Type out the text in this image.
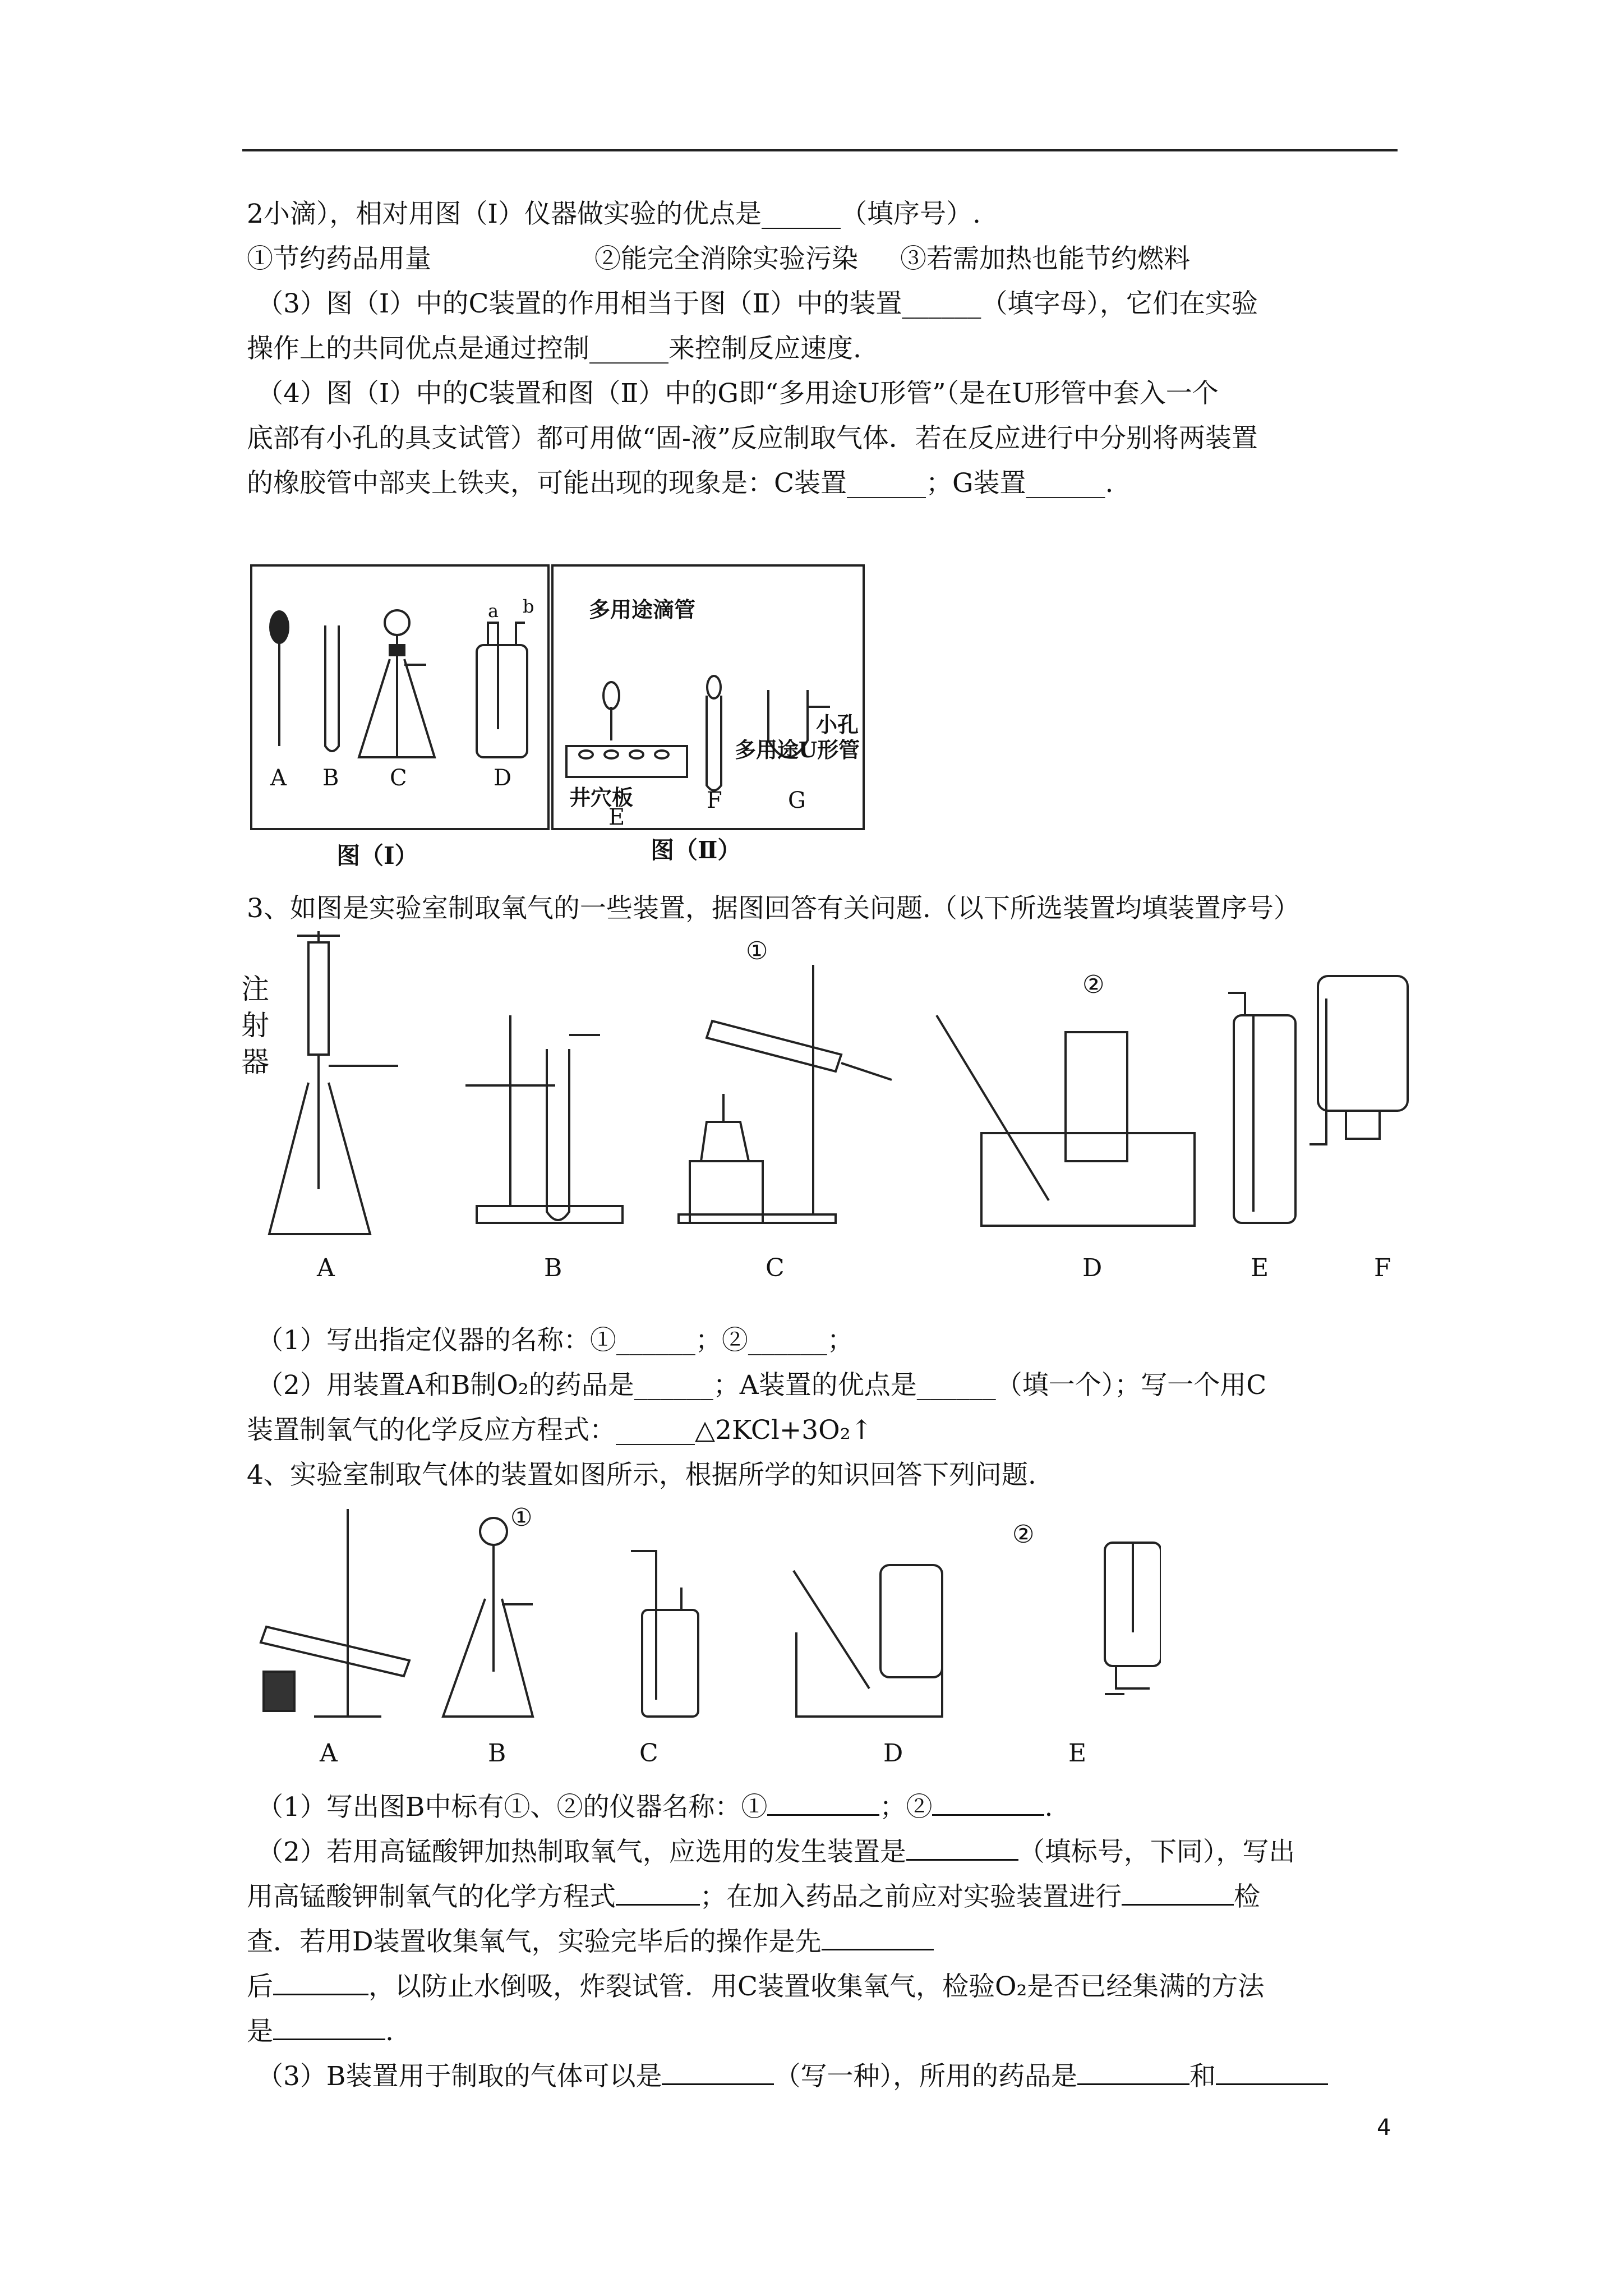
2小滴），相对用图（Ⅰ）仪器做实验的优点是______（填序号）.
①节约药品用量	②能完全消除实验污染 ③若需加热也能节约燃料
（3）图（Ⅰ）中的C装置的作用相当于图（Ⅱ）中的装置______（填字母），它们在实验
操作上的共同优点是通过控制______来控制反应速度.
（4）图（Ⅰ）中的C装置和图（Ⅱ）中的G即“多用途U形管”（是在U形管中套入一个
底部有小孔的具支试管）都可用做“固-液”反应制取气体．若在反应进行中分别将两装置
的橡胶管中部夹上铁夹，可能出现的现象是：C装置______；G装置______.
A B C	D
a b
图（Ⅰ）
多用途滴管
井穴板
小孔
多用途U形管
E
F	G
图（Ⅱ）
3、如图是实验室制取氧气的一些装置，据图回答有关问题.（以下所选装置均填装置序号）
注
射
器
①
②
A	B	C	D	E	F
（1）写出指定仪器的名称：①______；②______；
（2）用装置A和B制O₂的药品是______；A装置的优点是______（填一个）；写一个用C
装置制氧气的化学反应方程式：______△2KCl+3O₂↑
4、实验室制取气体的装置如图所示，根据所学的知识回答下列问题.
①
②
A	B	C	D	E
（1）写出图B中标有①、②的仪器名称：①	；②	.
（2）若用高锰酸钾加热制取氧气，应选用的发生装置是	（填标号，下同），写出
用高锰酸钾制氧气的化学方程式	；在加入药品之前应对实验装置进行	检
查．若用D装置收集氧气，实验完毕后的操作是先
后	，以防止水倒吸，炸裂试管．用C装置收集氧气，检验O₂是否已经集满的方法
是	.
（3）B装置用于制取的气体可以是	（写一种），所用的药品是	和
4
